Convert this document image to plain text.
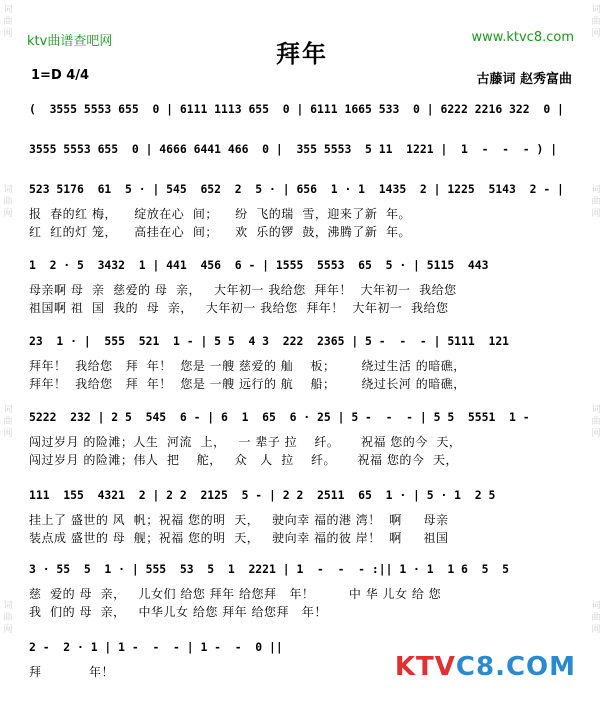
词
曲
网
词
曲
网
词
曲
网
词
曲
网
词
曲
网
词
曲
网
词
曲
网
词
曲
网
ktv曲谱查吧网	www.ktvc8.com
拜年
1=D 4/4	古藤词 赵秀富曲
(  3555 5553 655  0 | 6111 1113 655  0 | 6111 1665 533  0 | 6222 2216 322  0 |
3555 5553 655  0 | 4666 6441 466  0 |  355 5553  5 11  1221 |  1  -  -  - ) |
523 5176  61  5 · | 545  652  2  5 · | 656  1 · 1  1435  2 | 1225  5143  2 - |
报  春的红 梅，    绽放在心  间；    纷  飞的瑞  雪，迎来了新  年。
红  红的灯 笼，    高挂在心  间；    欢  乐的锣  鼓，沸腾了新  年。
1  2 · 5  3432  1 | 441  456  6 - | 1555  5553  65  5 · | 5115  443
母亲啊 母  亲  慈爱的 母  亲，   大年初一 我给您  拜年！  大年初一  我给您
祖国啊 祖  国  我的  母  亲，   大年初一 我给您  拜年！  大年初一  我给您
23  1 · |  555  521  1 - | 5 5  4 3  222  2365 | 5 -  -  - | 5111  121
拜年！  我给您   拜  年！  您是 一艘 慈爱的 舢    板；      绕过生活 的暗礁，
拜年！  我给您   拜  年！  您是 一艘 远行的 航    船；      绕过长河 的暗礁，
5222  232 | 2 5  545  6 - | 6  1  65  6 · 25 | 5 -  -  - | 5 5  5551  1 -
闯过岁月 的险滩；人生  河流  上，   一 辈子 拉    纤。     祝福 您的今  天，
闯过岁月 的险滩；伟人  把    舵，   众   人  拉    纤。     祝福 您的今  天，
111  155  4321  2 | 2 2  2125  5 - | 2 2  2511  65  1 · | 5 · 1  2 5
挂上了 盛世的 风  帆；祝福 您的明  天，   驶向幸 福的港 湾！  啊     母亲
装点成 盛世的 母  舰；祝福 您的明  天，   驶向幸 福的彼 岸！  啊     祖国
3 · 55  5  1 · | 555  53  5  1  2221 | 1  -  -  - :|| 1 · 1  1 6  5  5
慈  爱的 母  亲，   儿女们 给您 拜年 给您拜   年！        中 华 儿女 给 您
我  们的 母  亲，   中华儿女 给您 拜年 给您拜   年！
2 -  2 · 1 | 1 -  -  - | 1 -  -  0 ||
拜           年！	KTVC8.COM
